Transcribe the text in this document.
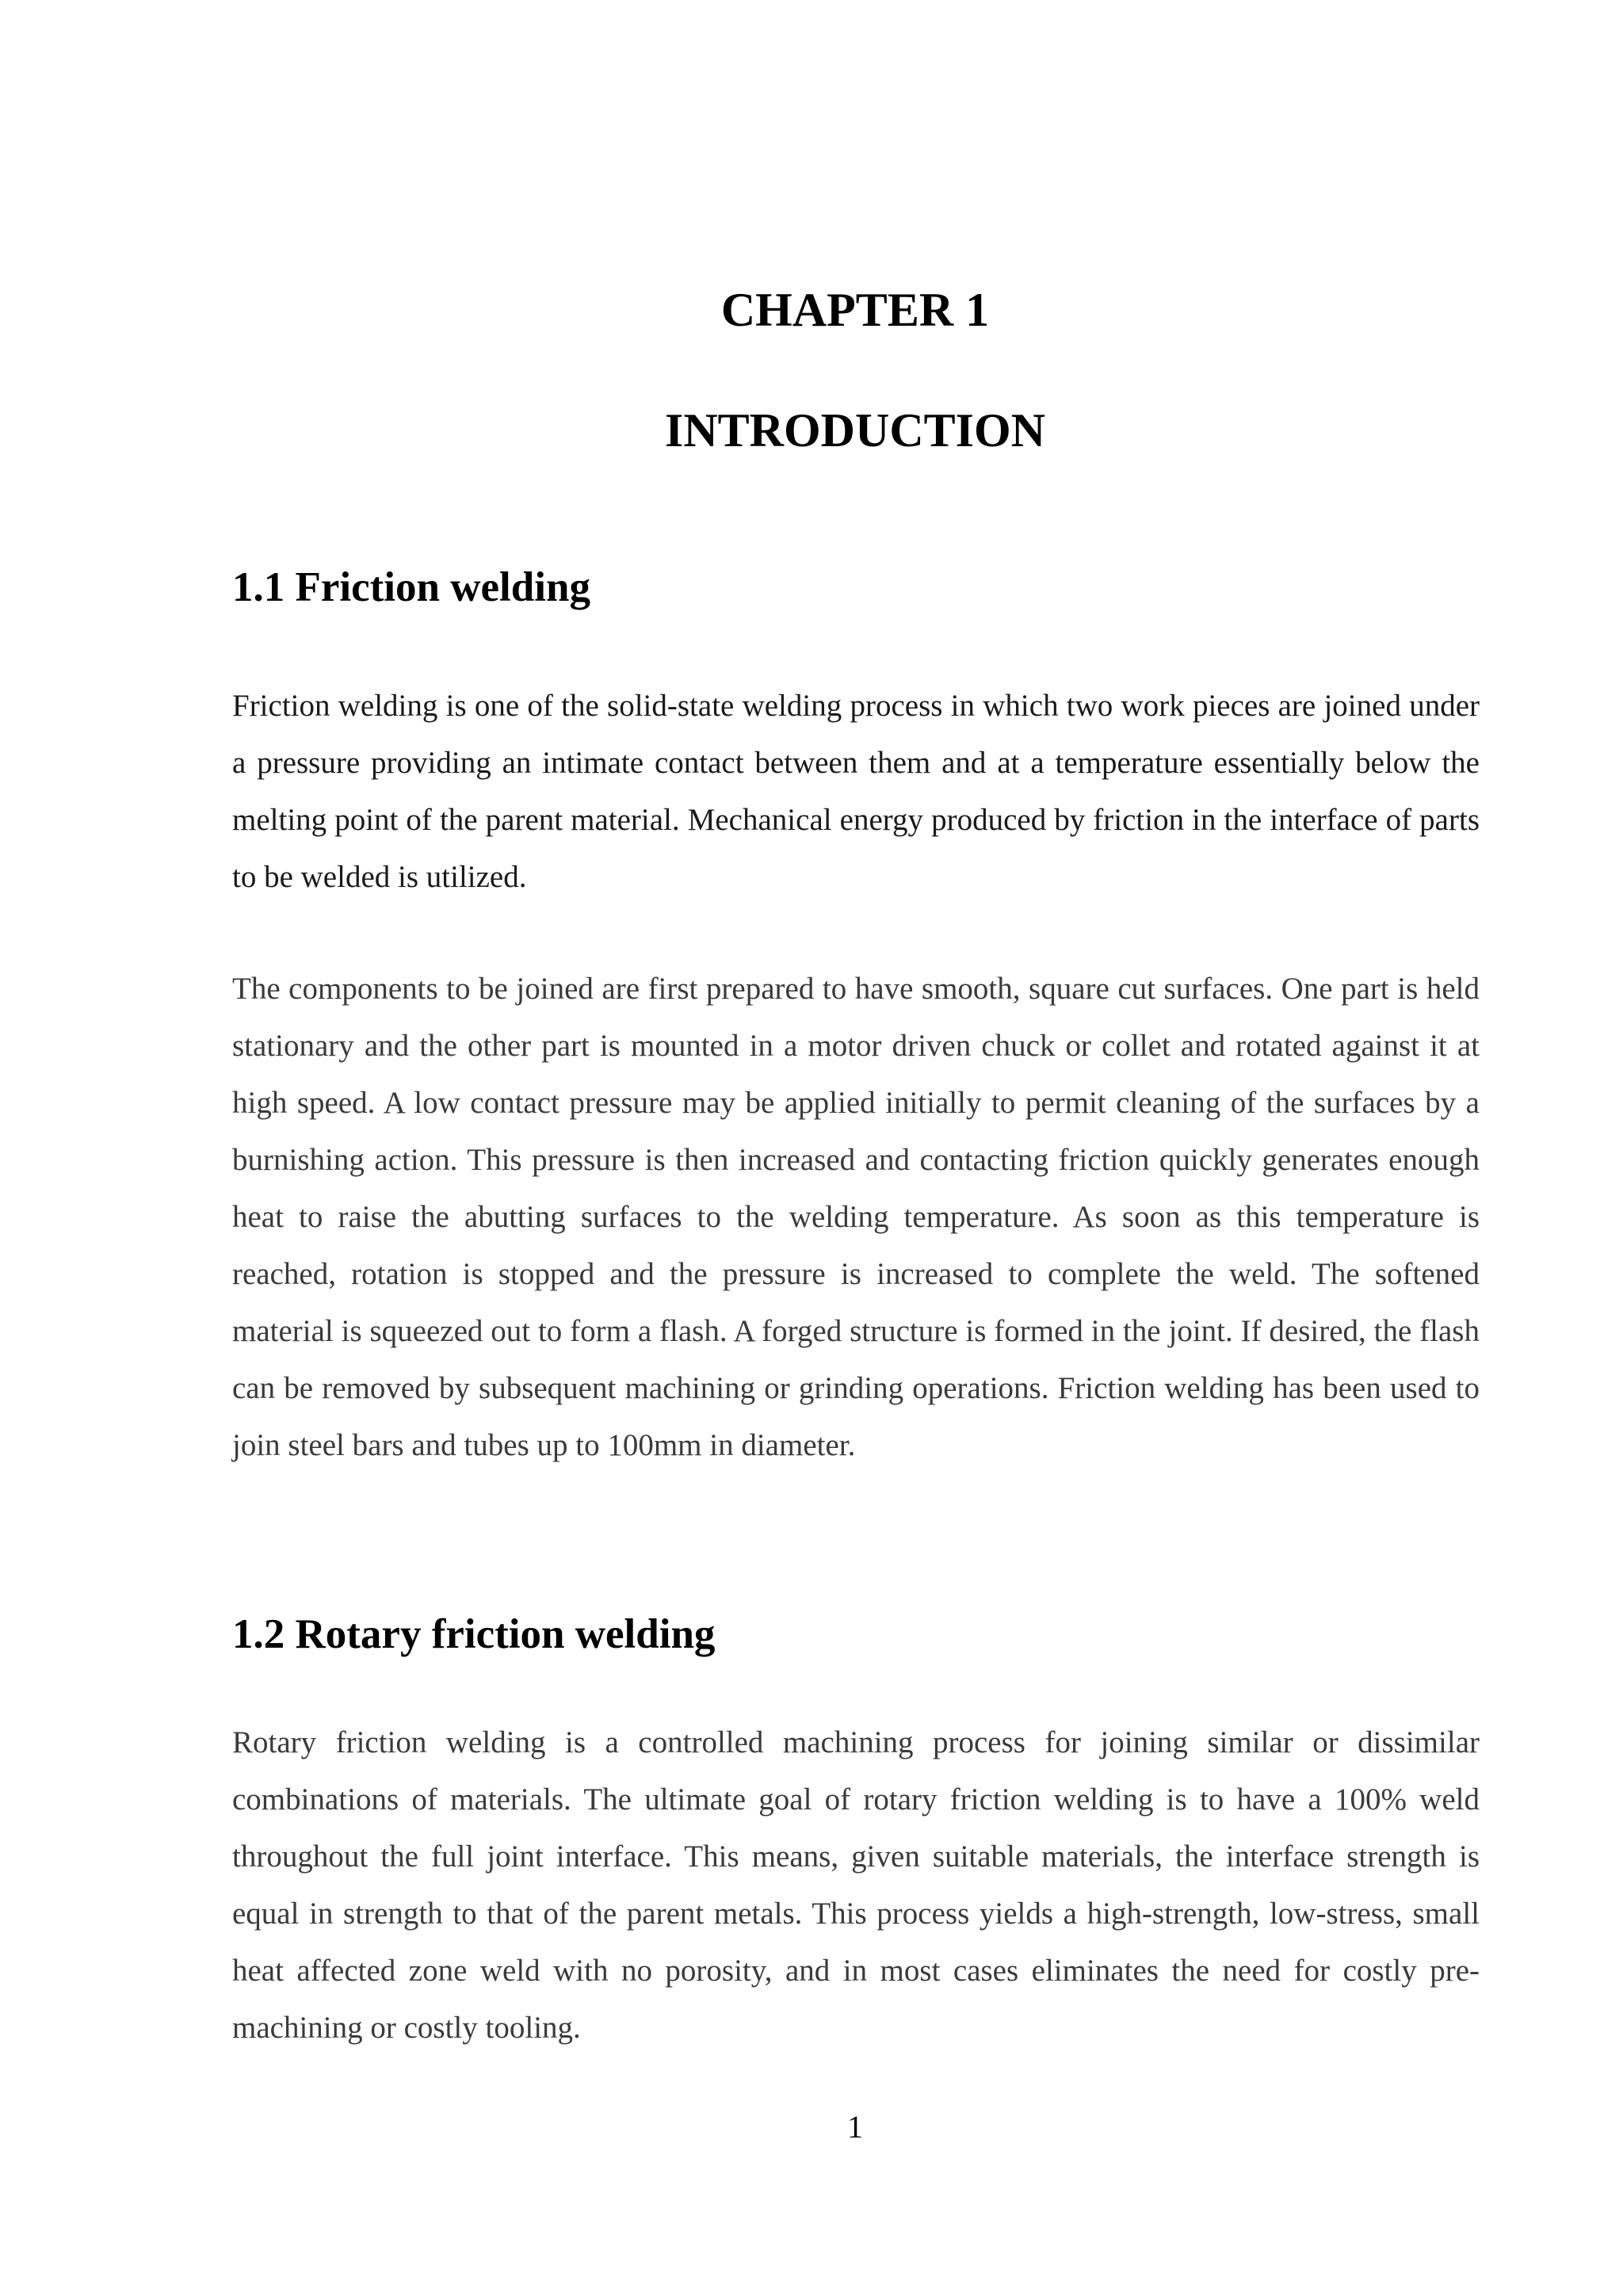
CHAPTER 1
INTRODUCTION
1.1 Friction welding

Friction welding is one of the solid-state welding process in which two work pieces are joined under a pressure providing an intimate contact between them and at a temperature essentially below the melting point of the parent material. Mechanical energy produced by friction in the interface of parts to be welded is utilized.

The components to be joined are first prepared to have smooth, square cut surfaces. One part is held stationary and the other part is mounted in a motor driven chuck or collet and rotated against it at high speed. A low contact pressure may be applied initially to permit cleaning of the surfaces by a burnishing action. This pressure is then increased and contacting friction quickly generates enough heat to raise the abutting surfaces to the welding temperature. As soon as this temperature is reached, rotation is stopped and the pressure is increased to complete the weld. The softened material is squeezed out to form a flash. A forged structure is formed in the joint. If desired, the flash can be removed by subsequent machining or grinding operations. Friction welding has been used to join steel bars and tubes up to 100mm in diameter.

1.2 Rotary friction welding

Rotary friction welding is a controlled machining process for joining similar or dissimilar combinations of materials. The ultimate goal of rotary friction welding is to have a 100% weld throughout the full joint interface. This means, given suitable materials, the interface strength is equal in strength to that of the parent metals. This process yields a high-strength, low-stress, small heat affected zone weld with no porosity, and in most cases eliminates the need for costly pre-machining or costly tooling.

1
